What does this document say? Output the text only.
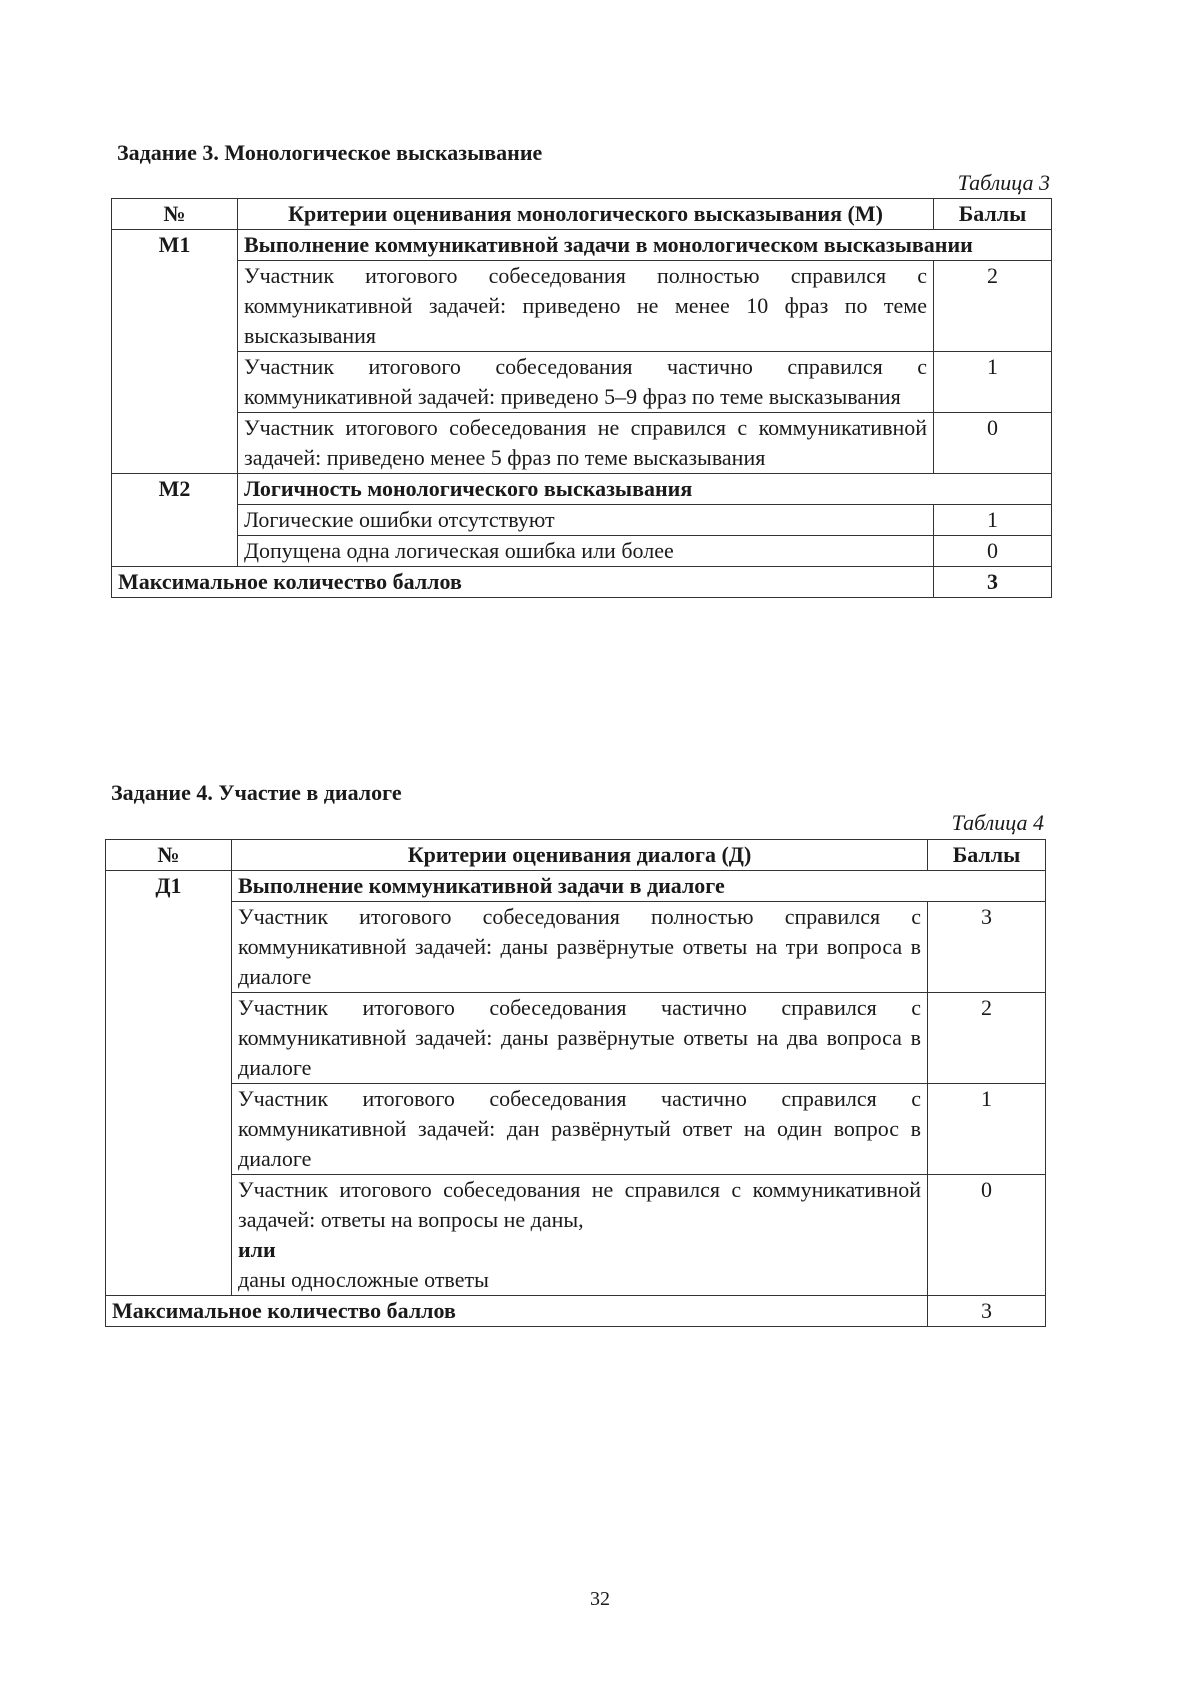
Задание 3. Монологическое высказывание
Таблица 3
№	Критерии оценивания монологического высказывания (М)	Баллы
М1	Выполнение коммуникативной задачи в монологическом высказывании	
	Участник итогового собеседования полностью справился с коммуникативной задачей: приведено не менее 10 фраз по теме высказывания	2
	Участник итогового собеседования частично справился с коммуникативной задачей: приведено 5–9 фраз по теме высказывания	1
	Участник итогового собеседования не справился с коммуникативной задачей: приведено менее 5 фраз по теме высказывания	0
М2	Логичность монологического высказывания	
	Логические ошибки отсутствуют	1
	Допущена одна логическая ошибка или более	0
Максимальное количество баллов		3
Задание 4. Участие в диалоге
Таблица 4
№	Критерии оценивания диалога (Д)	Баллы
Д1	Выполнение коммуникативной задачи в диалоге	
	Участник итогового собеседования полностью справился с коммуникативной задачей: даны развёрнутые ответы на три вопроса в диалоге	3
	Участник итогового собеседования частично справился с коммуникативной задачей: даны развёрнутые ответы на два вопроса в диалоге	2
	Участник итогового собеседования частично справился с коммуникативной задачей: дан развёрнутый ответ на один вопрос в диалоге	1

	Участник итогового собеседования не справился с коммуникативной задачей: ответы на вопросы не даны,
или
даны односложные ответы	0
Максимальное количество баллов		3
32
